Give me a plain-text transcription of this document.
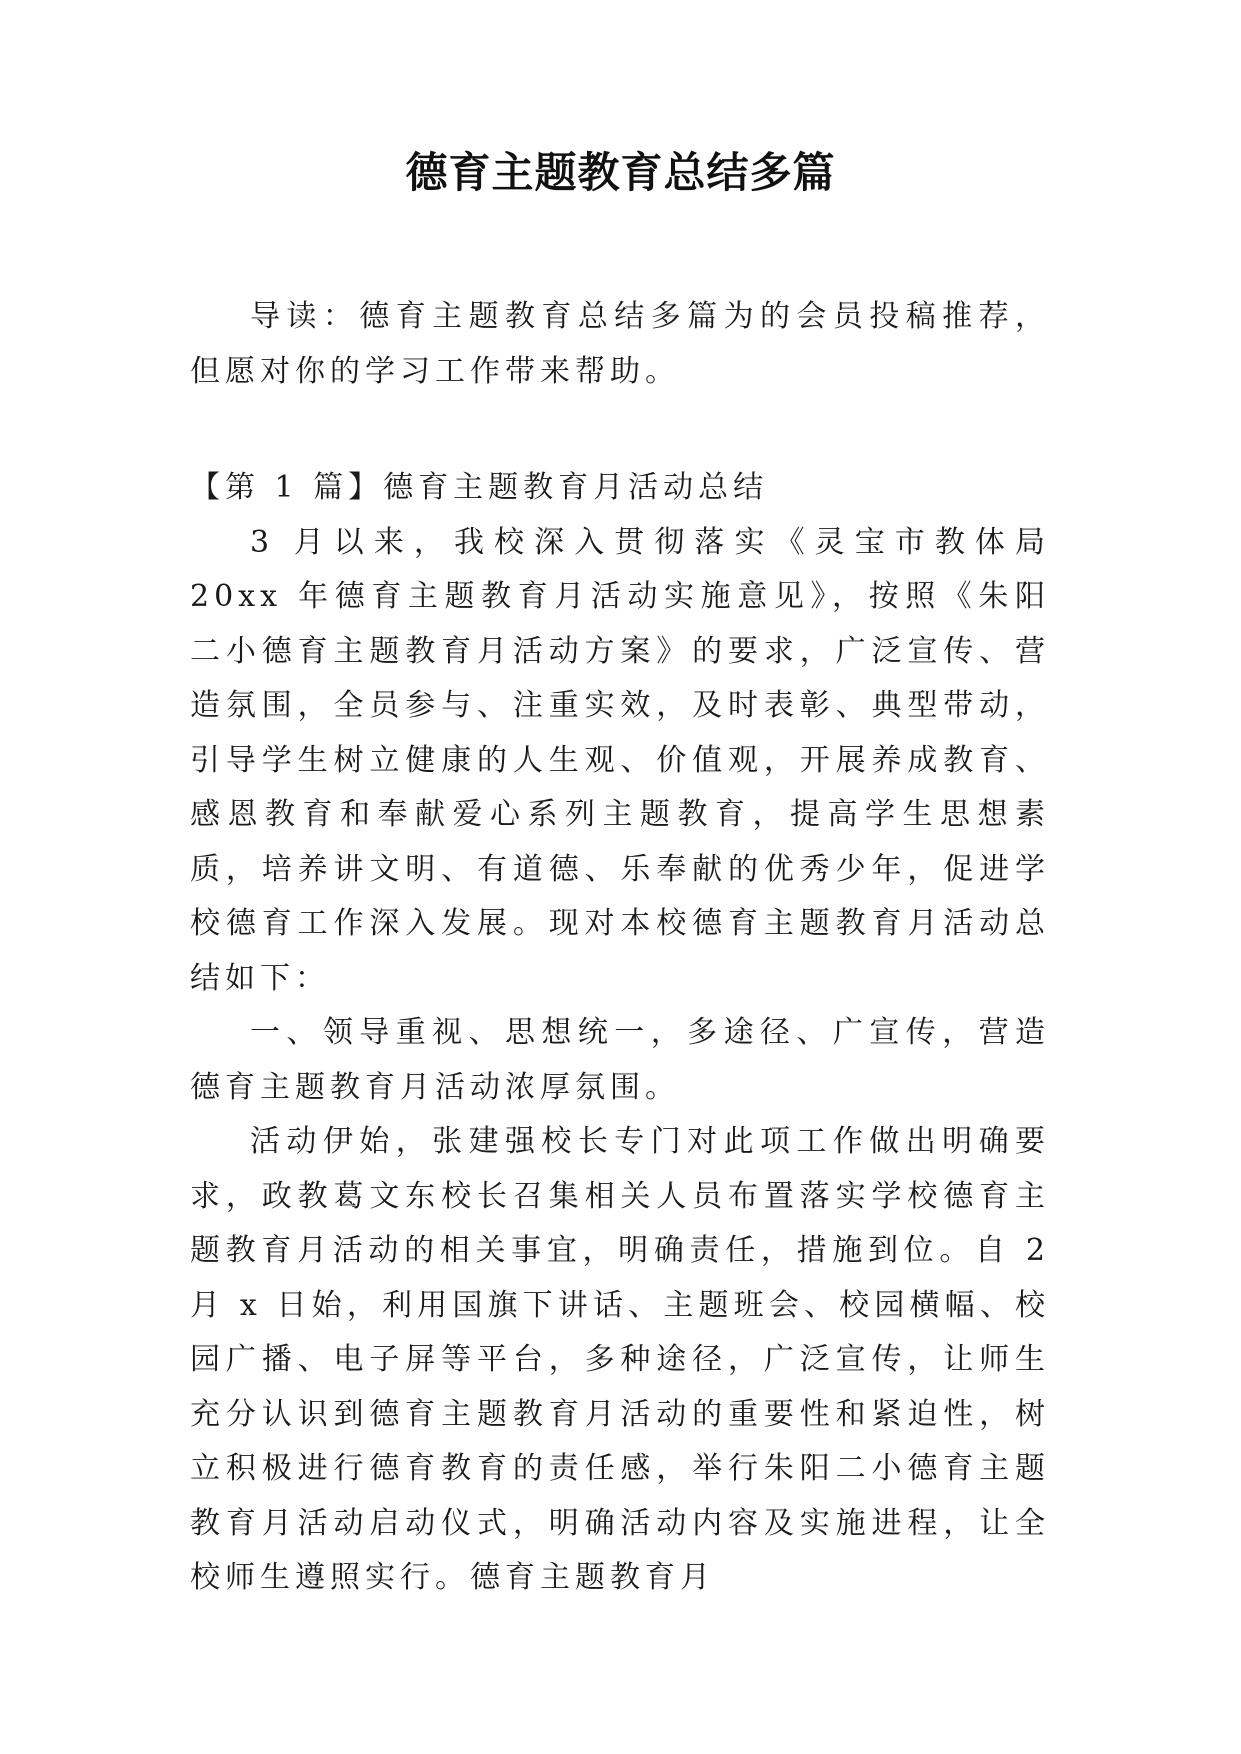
德育主题教育总结多篇

导读：德育主题教育总结多篇为的会员投稿推荐，但愿对你的学习工作带来帮助。

【第 1 篇】德育主题教育月活动总结

3 月以来，我校深入贯彻落实《灵宝市教体局 20xx 年德育主题教育月活动实施意见》，按照《朱阳二小德育主题教育月活动方案》的要求，广泛宣传、营造氛围，全员参与、注重实效，及时表彰、典型带动，引导学生树立健康的人生观、价值观，开展养成教育、感恩教育和奉献爱心系列主题教育，提高学生思想素质，培养讲文明、有道德、乐奉献的优秀少年，促进学校德育工作深入发展。现对本校德育主题教育月活动总结如下：

一、领导重视、思想统一，多途径、广宣传，营造德育主题教育月活动浓厚氛围。

活动伊始，张建强校长专门对此项工作做出明确要求，政教葛文东校长召集相关人员布置落实学校德育主题教育月活动的相关事宜，明确责任，措施到位。自 2 月 x 日始，利用国旗下讲话、主题班会、校园横幅、校园广播、电子屏等平台，多种途径，广泛宣传，让师生充分认识到德育主题教育月活动的重要性和紧迫性，树立积极进行德育教育的责任感，举行朱阳二小德育主题教育月活动启动仪式，明确活动内容及实施进程，让全校师生遵照实行。德育主题教育月
